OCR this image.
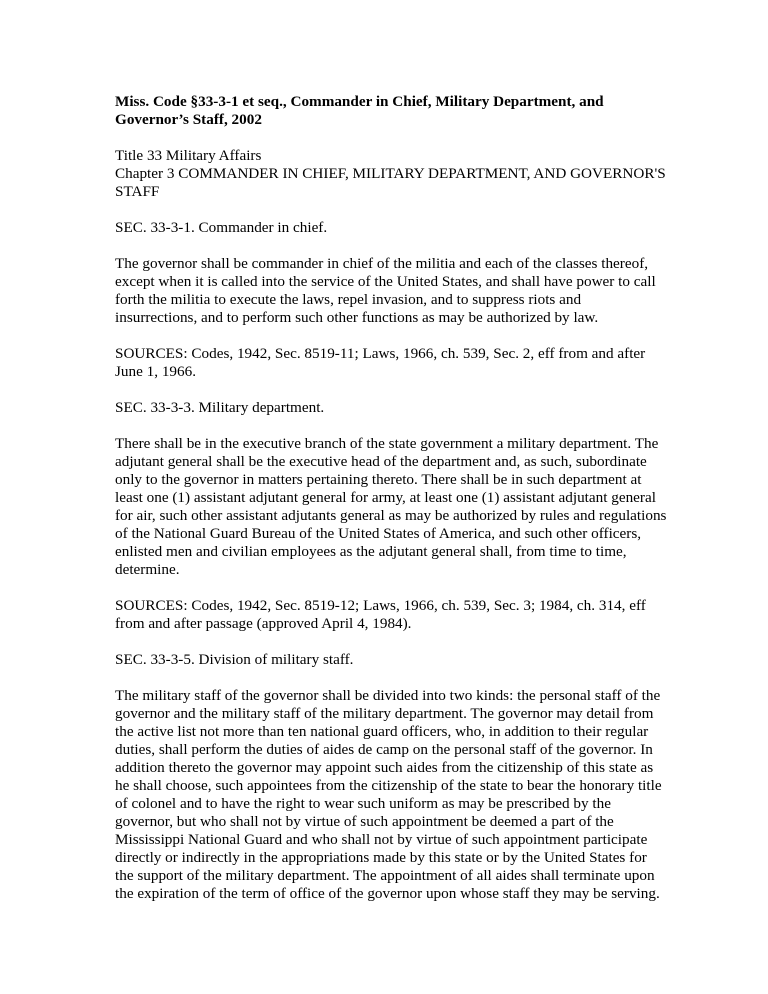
Miss. Code §33-3-1 et seq., Commander in Chief, Military Department, and Governor’s Staff, 2002

Title 33 Military Affairs
Chapter 3 COMMANDER IN CHIEF, MILITARY DEPARTMENT, AND GOVERNOR'S STAFF

SEC. 33-3-1. Commander in chief.

The governor shall be commander in chief of the militia and each of the classes thereof, except when it is called into the service of the United States, and shall have power to call forth the militia to execute the laws, repel invasion, and to suppress riots and insurrections, and to perform such other functions as may be authorized by law.

SOURCES: Codes, 1942, Sec. 8519-11; Laws, 1966, ch. 539, Sec. 2, eff from and after June 1, 1966.

SEC. 33-3-3. Military department.

There shall be in the executive branch of the state government a military department. The adjutant general shall be the executive head of the department and, as such, subordinate only to the governor in matters pertaining thereto. There shall be in such department at least one (1) assistant adjutant general for army, at least one (1) assistant adjutant general for air, such other assistant adjutants general as may be authorized by rules and regulations of the National Guard Bureau of the United States of America, and such other officers, enlisted men and civilian employees as the adjutant general shall, from time to time, determine.

SOURCES: Codes, 1942, Sec. 8519-12; Laws, 1966, ch. 539, Sec. 3; 1984, ch. 314, eff from and after passage (approved April 4, 1984).

SEC. 33-3-5. Division of military staff.

The military staff of the governor shall be divided into two kinds: the personal staff of the governor and the military staff of the military department. The governor may detail from the active list not more than ten national guard officers, who, in addition to their regular duties, shall perform the duties of aides de camp on the personal staff of the governor. In addition thereto the governor may appoint such aides from the citizenship of this state as he shall choose, such appointees from the citizenship of the state to bear the honorary title of colonel and to have the right to wear such uniform as may be prescribed by the governor, but who shall not by virtue of such appointment be deemed a part of the Mississippi National Guard and who shall not by virtue of such appointment participate directly or indirectly in the appropriations made by this state or by the United States for the support of the military department. The appointment of all aides shall terminate upon the expiration of the term of office of the governor upon whose staff they may be serving.
